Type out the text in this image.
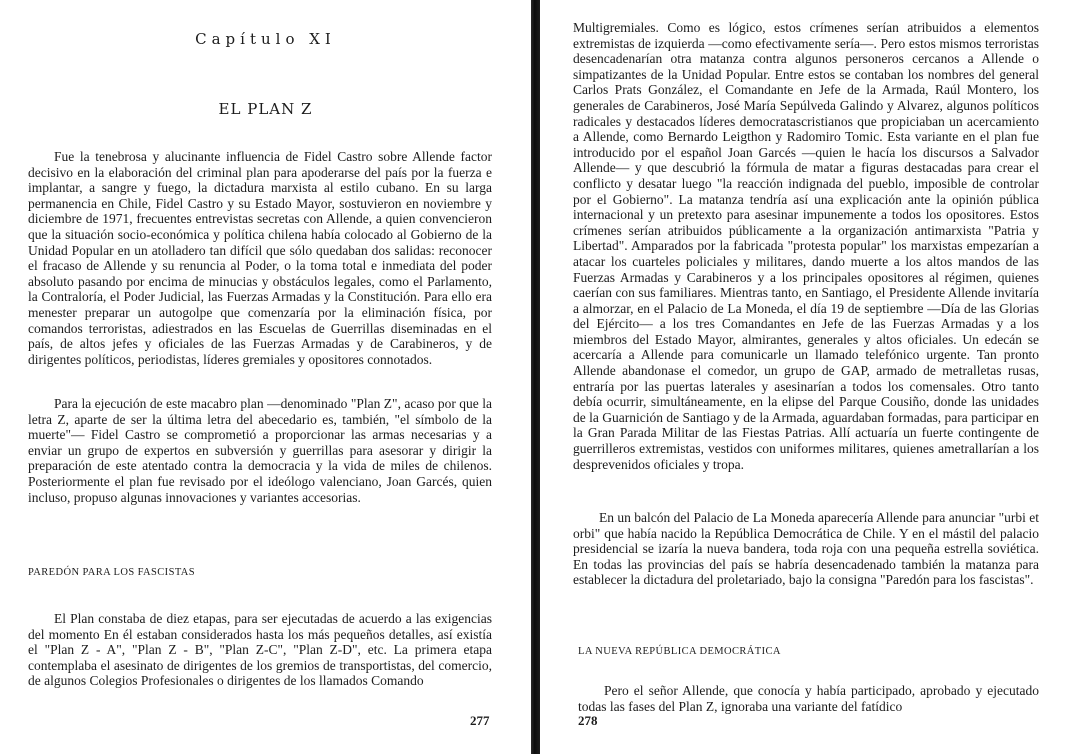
Capítulo XI
EL PLAN Z

Fue la tenebrosa y alucinante influencia de Fidel Castro sobre Allende factor decisivo en la elaboración del criminal plan para apoderarse del país por la fuerza e implantar, a sangre y fuego, la dictadura marxista al estilo cubano. En su larga permanencia en Chile, Fidel Castro y su Estado Mayor, sostuvieron en noviembre y diciembre de 1971, frecuentes entrevistas secretas con Allende, a quien convencieron que la situación socio-económica y política chilena había colocado al Gobierno de la Unidad Popular en un atolladero tan difícil que sólo quedaban dos salidas: reconocer el fracaso de Allende y su renuncia al Poder, o la toma total e inmediata del poder absoluto pasando por encima de minucias y obstáculos legales, como el Parlamento, la Contraloría, el Poder Judicial, las Fuerzas Armadas y la Constitución. Para ello era menester preparar un autogolpe que comenzaría por la eliminación física, por comandos terroristas, adiestrados en las Escuelas de Guerrillas diseminadas en el país, de altos jefes y oficiales de las Fuerzas Armadas y de Carabineros, y de dirigentes políticos, periodistas, líderes gremiales y opositores connotados.

Para la ejecución de este macabro plan —denominado "Plan Z", acaso por que la letra Z, aparte de ser la última letra del abecedario es, también, "el símbolo de la muerte"— Fidel Castro se comprometió a proporcionar las armas necesarias y a enviar un grupo de expertos en subversión y guerrillas para asesorar y dirigir la preparación de este atentado contra la democracia y la vida de miles de chilenos. Posteriormente el plan fue revisado por el ideólogo valenciano, Joan Garcés, quien incluso, propuso algunas innovaciones y variantes accesorias.

PAREDÓN PARA LOS FASCISTAS

El Plan constaba de diez etapas, para ser ejecutadas de acuerdo a las exigencias del momento En él estaban considerados hasta los más pequeños detalles, así existía el "Plan Z - A", "Plan Z - B", "Plan Z-C", "Plan Z-D", etc. La primera etapa contemplaba el asesinato de dirigentes de los gremios de transportistas, del comercio, de algunos Colegios Profesionales o dirigentes de los llamados Comando

277

Multigremiales. Como es lógico, estos crímenes serían atribuidos a elementos extremistas de izquierda —como efectivamente sería—. Pero estos mismos terroristas desencadenarían otra matanza contra algunos personeros cercanos a Allende o simpatizantes de la Unidad Popular. Entre estos se contaban los nombres del general Carlos Prats González, el Comandante en Jefe de la Armada, Raúl Montero, los generales de Carabineros, José María Sepúlveda Galindo y Alvarez, algunos políticos radicales y destacados líderes democratascristianos que propiciaban un acercamiento a Allende, como Bernardo Leigthon y Radomiro Tomic. Esta variante en el plan fue introducido por el español Joan Garcés —quien le hacía los discursos a Salvador Allende— y que descubrió la fórmula de matar a figuras destacadas para crear el conflicto y desatar luego "la reacción indignada del pueblo, imposible de controlar por el Gobierno". La matanza tendría así una explicación ante la opinión pública internacional y un pretexto para asesinar impunemente a todos los opositores. Estos crímenes serían atribuidos públicamente a la organización antimarxista "Patria y Libertad". Amparados por la fabricada "protesta popular" los marxistas empezarían a atacar los cuarteles policiales y militares, dando muerte a los altos mandos de las Fuerzas Armadas y Carabineros y a los principales opositores al régimen, quienes caerían con sus familiares. Mientras tanto, en Santiago, el Presidente Allende invitaría a almorzar, en el Palacio de La Moneda, el día 19 de septiembre —Día de las Glorias del Ejército— a los tres Comandantes en Jefe de las Fuerzas Armadas y a los miembros del Estado Mayor, almirantes, generales y altos oficiales. Un edecán se acercaría a Allende para comunicarle un llamado telefónico urgente. Tan pronto Allende abandonase el comedor, un grupo de GAP, armado de metralletas rusas, entraría por las puertas laterales y asesinarían a todos los comensales. Otro tanto debía ocurrir, simultáneamente, en la elipse del Parque Cousiño, donde las unidades de la Guarnición de Santiago y de la Armada, aguardaban formadas, para participar en la Gran Parada Militar de las Fiestas Patrias. Allí actuaría un fuerte contingente de guerrilleros extremistas, vestidos con uniformes militares, quienes ametrallarían a los desprevenidos oficiales y tropa.

En un balcón del Palacio de La Moneda aparecería Allende para anunciar "urbi et orbi" que había nacido la República Democrática de Chile. Y en el mástil del palacio presidencial se izaría la nueva bandera, toda roja con una pequeña estrella soviética. En todas las provincias del país se habría desencadenado también la matanza para establecer la dictadura del proletariado, bajo la consigna "Paredón para los fascistas".

LA NUEVA REPÚBLICA DEMOCRÁTICA

Pero el señor Allende, que conocía y había participado, aprobado y ejecutado todas las fases del Plan Z, ignoraba una variante del fatídico

278
